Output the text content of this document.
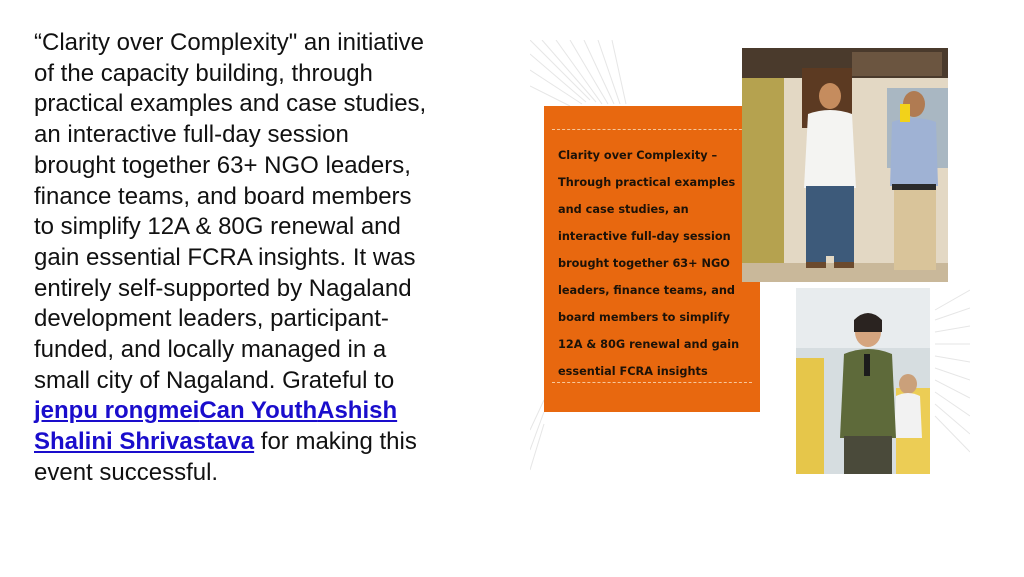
“Clarity over Complexity" an initiative of the capacity building, through practical examples and case studies, an interactive full-day session brought together 63+ NGO leaders, finance teams, and board members to simplify 12A & 80G renewal and gain essential FCRA insights. It was entirely self-supported by Nagaland development leaders, participant-funded, and locally managed in a small city of Nagaland. Grateful to jenpu rongmeiCan YouthAshish Shalini Shrivastava for making this event successful.

Clarity over Complexity –
Through practical examples
and case studies, an
interactive full-day session
brought together 63+ NGO
leaders, finance teams, and
board members to simplify
12A & 80G renewal and gain
essential FCRA insights
